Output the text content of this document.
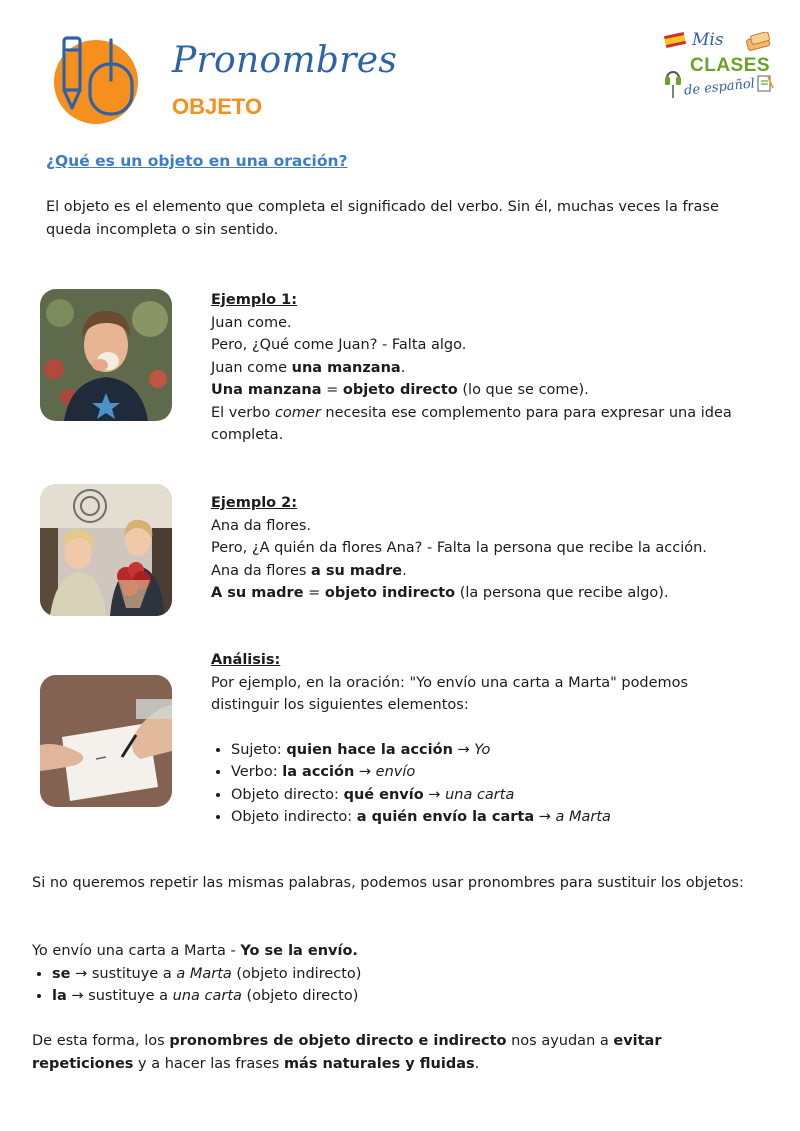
Pronombres
OBJETO
Mis
CLASES
de español
¿Qué es un objeto en una oración?
El objeto es el elemento que completa el significado del verbo. Sin él, muchas veces la frase queda incompleta o sin sentido.
Ejemplo 1:
Juan come.
Pero, ¿Qué come Juan? - Falta algo.
Juan come una manzana.
Una manzana = objeto directo (lo que se come).
El verbo comer necesita ese complemento para para expresar una idea completa.
Ejemplo 2:
Ana da flores.
Pero, ¿A quién da flores Ana? - Falta la persona que recibe la acción.
Ana da flores a su madre.
A su madre = objeto indirecto (la persona que recibe algo).
Análisis:
Por ejemplo, en la oración: "Yo envío una carta a Marta" podemos distinguir los siguientes elementos:
• Sujeto: quien hace la acción → Yo
• Verbo: la acción → envío
• Objeto directo: qué envío → una carta
• Objeto indirecto: a quién envío la carta → a Marta
Si no queremos repetir las mismas palabras, podemos usar pronombres para sustituir los objetos:
Yo envío una carta a Marta - Yo se la envío.
• se → sustituye a a Marta (objeto indirecto)
• la → sustituye a una carta (objeto directo)
De esta forma, los pronombres de objeto directo e indirecto nos ayudan a evitar repeticiones y a hacer las frases más naturales y fluidas.
